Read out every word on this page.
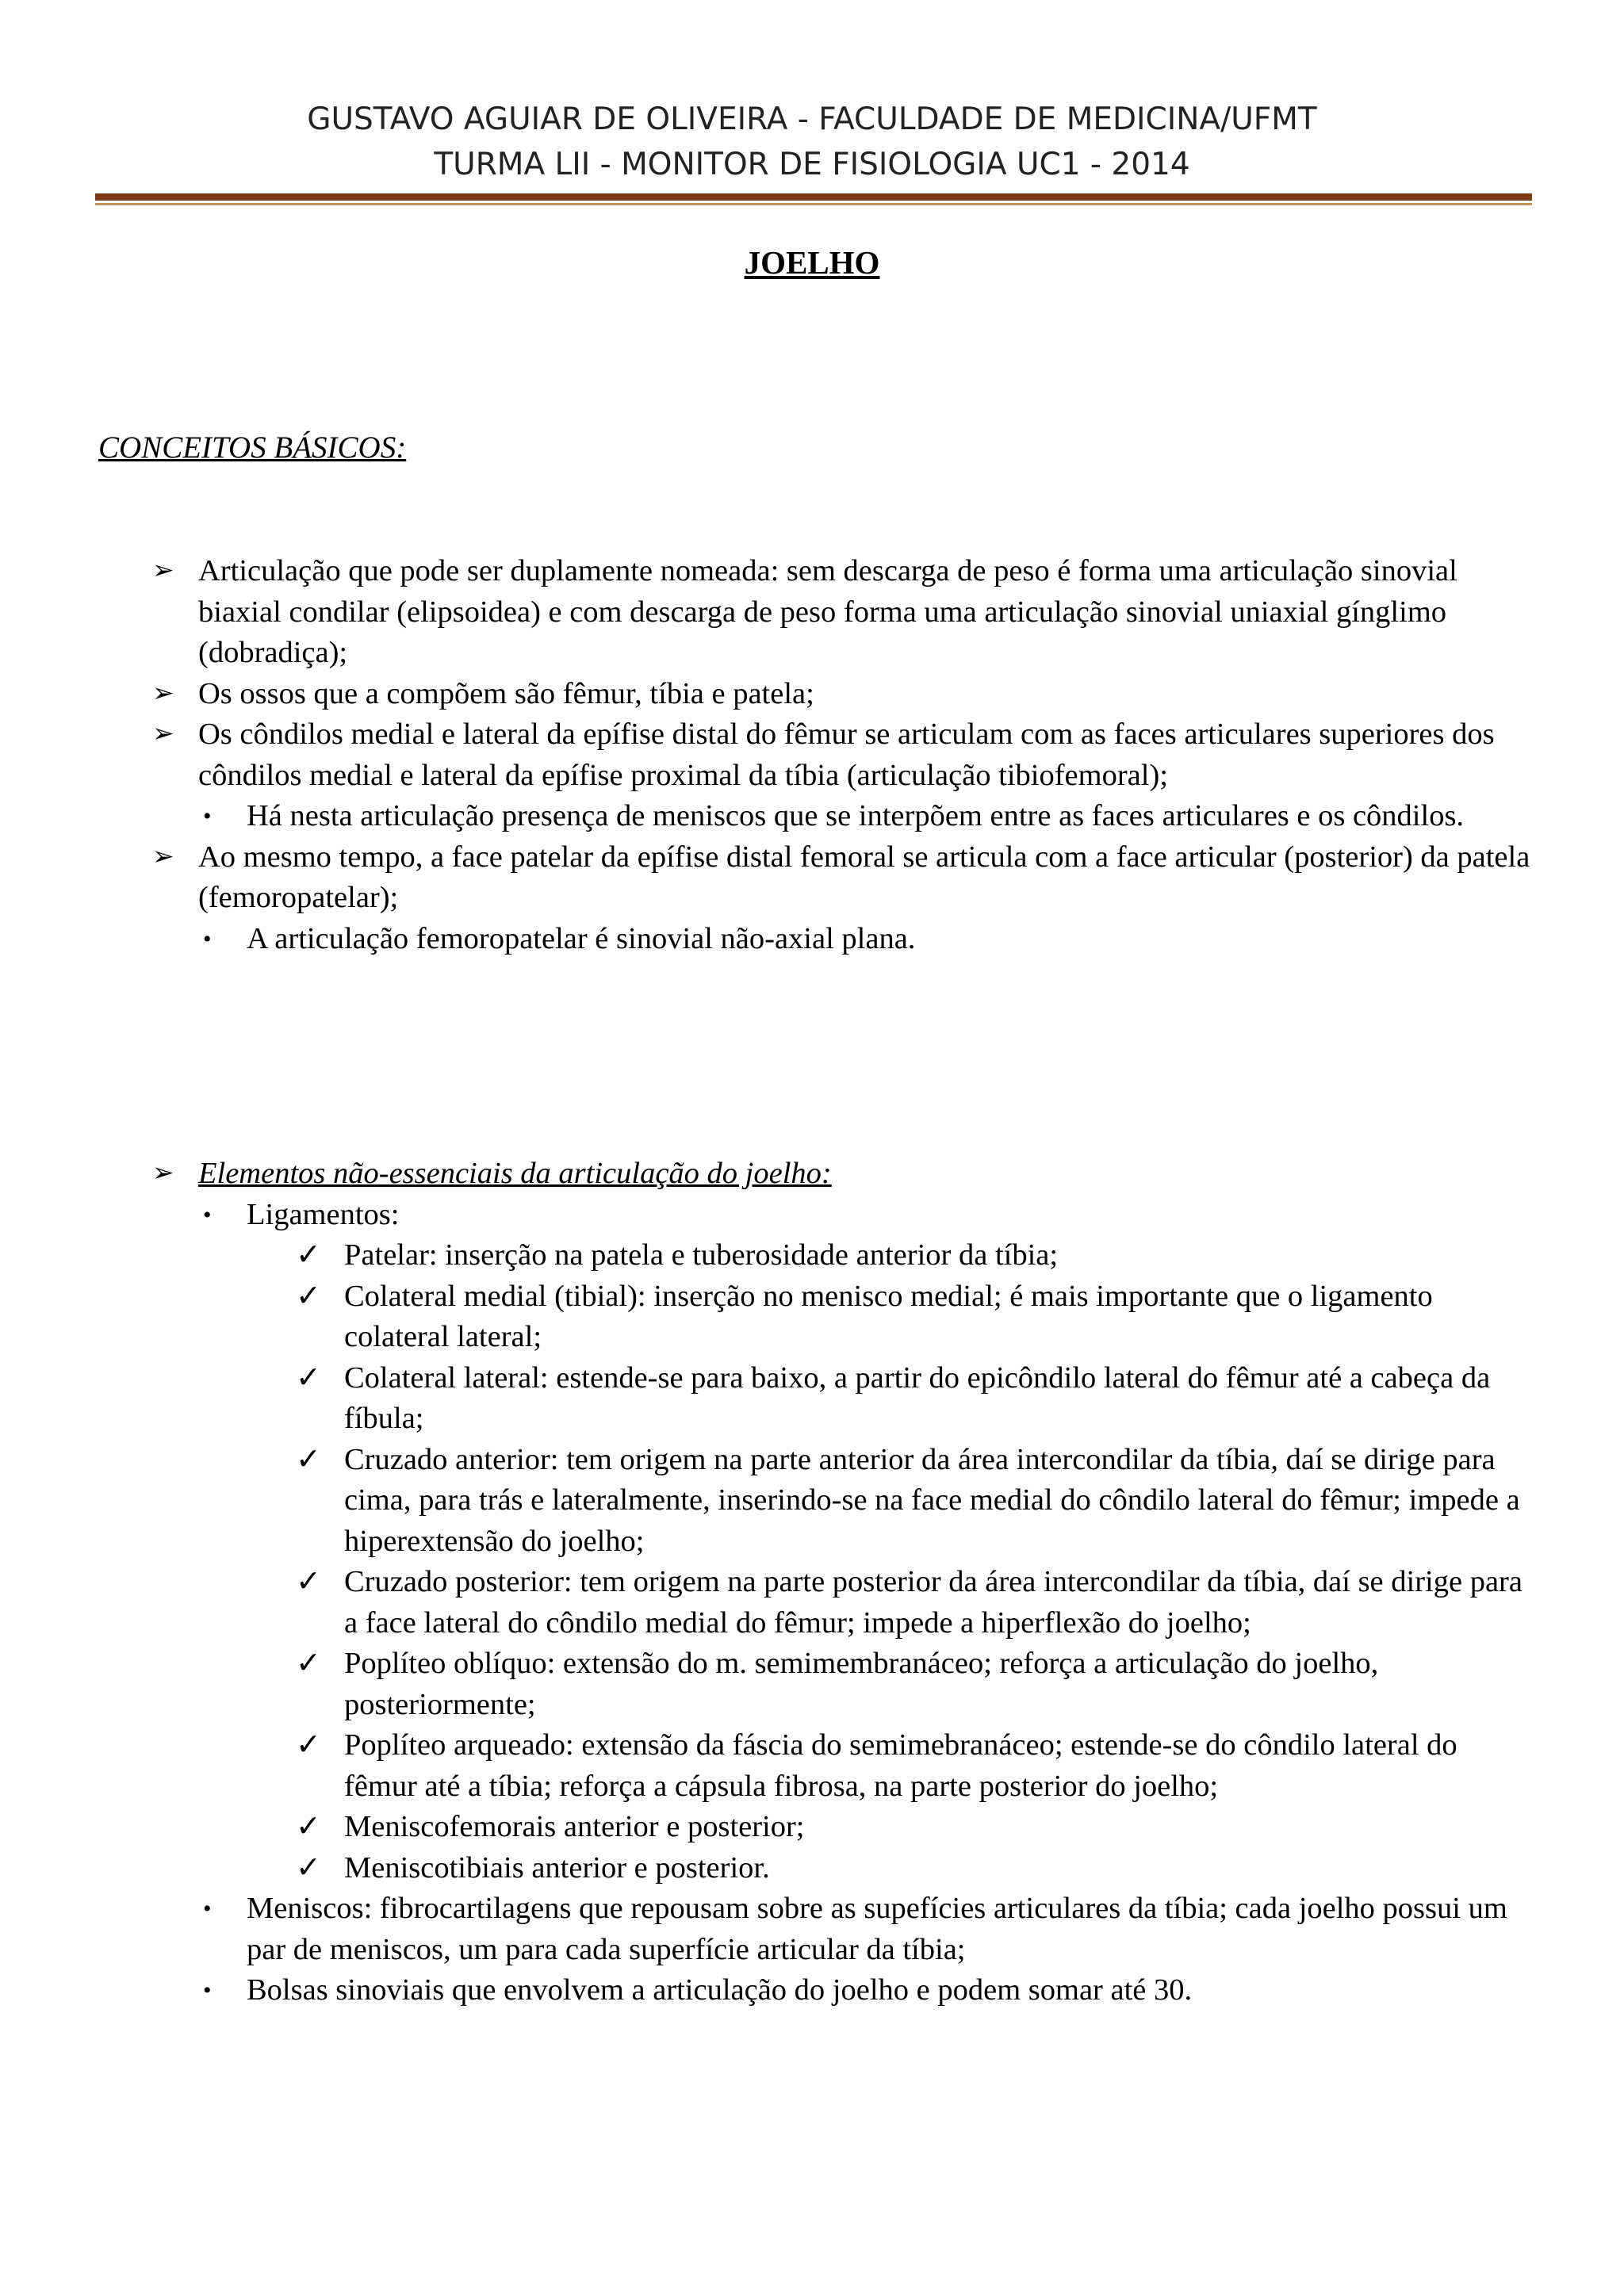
GUSTAVO AGUIAR DE OLIVEIRA - FACULDADE DE MEDICINA/UFMT
TURMA LII - MONITOR DE FISIOLOGIA UC1 - 2014
JOELHO
CONCEITOS BÁSICOS:
➢ Articulação que pode ser duplamente nomeada: sem descarga de peso é forma uma articulação sinovial biaxial condilar (elipsoidea) e com descarga de peso forma uma articulação sinovial uniaxial gínglimo (dobradiça);
➢ Os ossos que a compõem são fêmur, tíbia e patela;
➢ Os côndilos medial e lateral da epífise distal do fêmur se articulam com as faces articulares superiores dos côndilos medial e lateral da epífise proximal da tíbia (articulação tibiofemoral);
• Há nesta articulação presença de meniscos que se interpõem entre as faces articulares e os côndilos.
➢ Ao mesmo tempo, a face patelar da epífise distal femoral se articula com a face articular (posterior) da patela (femoropatelar);
• A articulação femoropatelar é sinovial não-axial plana.
➢ Elementos não-essenciais da articulação do joelho:
• Ligamentos:
✓ Patelar: inserção na patela e tuberosidade anterior da tíbia;
✓ Colateral medial (tibial): inserção no menisco medial; é mais importante que o ligamento colateral lateral;
✓ Colateral lateral: estende-se para baixo, a partir do epicôndilo lateral do fêmur até a cabeça da fíbula;
✓ Cruzado anterior: tem origem na parte anterior da área intercondilar da tíbia, daí se dirige para cima, para trás e lateralmente, inserindo-se na face medial do côndilo lateral do fêmur; impede a hiperextensão do joelho;
✓ Cruzado posterior: tem origem na parte posterior da área intercondilar da tíbia, daí se dirige para a face lateral do côndilo medial do fêmur; impede a hiperflexão do joelho;
✓ Poplíteo oblíquo: extensão do m. semimembranáceo; reforça a articulação do joelho, posteriormente;
✓ Poplíteo arqueado: extensão da fáscia do semimebranáceo; estende-se do côndilo lateral do fêmur até a tíbia; reforça a cápsula fibrosa, na parte posterior do joelho;
✓ Meniscofemorais anterior e posterior;
✓ Meniscotibiais anterior e posterior.
• Meniscos: fibrocartilagens que repousam sobre as supefícies articulares da tíbia; cada joelho possui um par de meniscos, um para cada superfície articular da tíbia;
• Bolsas sinoviais que envolvem a articulação do joelho e podem somar até 30.
